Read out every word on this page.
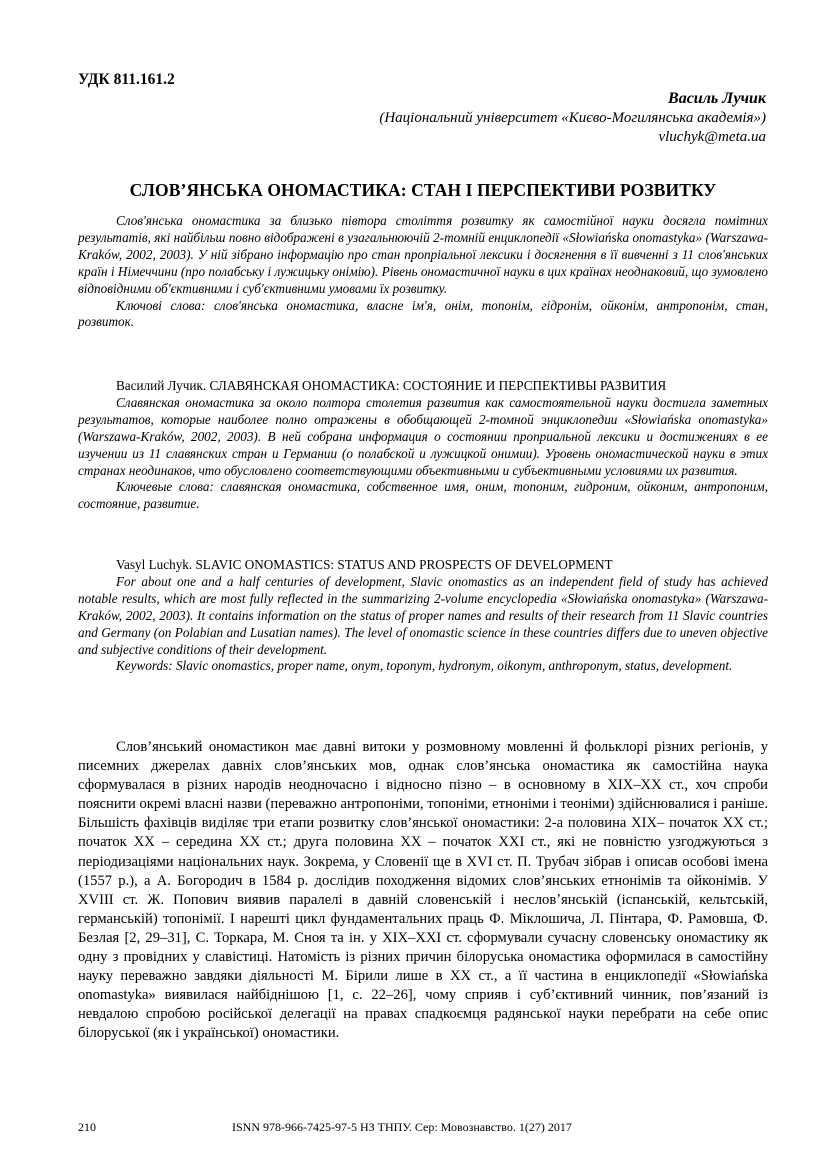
УДК 811.161.2
Василь Лучик
(Національний університет «Києво-Могилянська академія»)
vluchyk@meta.ua
СЛОВ’ЯНСЬКА ОНОМАСТИКА: СТАН І ПЕРСПЕКТИВИ РОЗВИТКУ

Слов'янська ономастика за близько півтора століття розвитку як самостійної науки досягла помітних результатів, які найбільш повно відображені в узагальнюючій 2-томній енциклопедії «Słowiańska onomastyka» (Warszawa-Kraków, 2002, 2003). У ній зібрано інформацію про стан пропріальної лексики і досягнення в її вивченні з 11 слов'янських країн і Німеччини (про полабську і лужицьку онімію). Рівень ономастичної науки в цих країнах неоднаковий, що зумовлено відповідними об'єктивними і суб'єктивними умовами їх розвитку.

Ключові слова: слов'янська ономастика, власне ім'я, онім, топонім, гідронім, ойконім, антропонім, стан, розвиток.

Василий Лучик. СЛАВЯНСКАЯ ОНОМАСТИКА: СОСТОЯНИЕ И ПЕРСПЕКТИВЫ РАЗВИТИЯ

Славянская ономастика за около полтора столетия развития как самостоятельной науки достигла заметных результатов, которые наиболее полно отражены в обобщающей 2-томной энциклопедии «Słowiańska onomastyka» (Warszawa-Kraków, 2002, 2003). В ней собрана информация о состоянии проприальной лексики и достижениях в ее изучении из 11 славянских стран и Германии (о полабской и лужицкой онимии). Уровень ономастической науки в этих странах неодинаков, что обусловлено соответствующими объективными и субъективными условиями их развития.

Ключевые слова: славянская ономастика, собственное имя, оним, топоним, гидроним, ойконим, антропоним, состояние, развитие.

Vasyl Luchyk. SLAVIC ONOMASTICS: STATUS AND PROSPECTS OF DEVELOPMENT

For about one and a half centuries of development, Slavic onomastics as an independent field of study has achieved notable results, which are most fully reflected in the summarizing 2-volume encyclopedia «Słowiańska onomastyka» (Warszawa-Kraków, 2002, 2003). It contains information on the status of proper names and results of their research from 11 Slavic countries and Germany (on Polabian and Lusatian names). The level of onomastic science in these countries differs due to uneven objective and subjective conditions of their development.

Keywords: Slavic onomastics, proper name, onym, toponym, hydronym, oikonym, anthroponym, status, development.

Слов’янський ономастикон має давні витоки у розмовному мовленні й фольклорі різних регіонів, у писемних джерелах давніх слов’янських мов, однак слов’янська ономастика як самостійна наука сформувалася в різних народів неодночасно і відносно пізно – в основному в XIX–XX ст., хоч спроби пояснити окремі власні назви (переважно антропоніми, топоніми, етноніми і теоніми) здійснювалися і раніше. Більшість фахівців виділяє три етапи розвитку слов’янської ономастики: 2-а половина XIX– початок XX ст.; початок XX – середина XX ст.; друга половина XX – початок XXI ст., які не повністю узгоджуються з періодизаціями національних наук. Зокрема, у Словенії ще в XVI ст. П. Трубач зібрав і описав особові імена (1557 р.), а А. Богородич в 1584 р. дослідив походження відомих слов’янських етнонімів та ойконімів. У XVIII ст. Ж. Попович виявив паралелі в давній словенській і несловʼянській (іспанській, кельтській, германській) топонімії. І нарешті цикл фундаментальних праць Ф. Міклошича, Л. Пінтара, Ф. Рамовша, Ф. Безлая [2, 29–31], С. Торкара, М. Сноя та ін. у XIX–XXI ст. сформували сучасну словенську ономастику як одну з провідних у славістиці. Натомість із різних причин білоруська ономастика оформилася в самостійну науку переважно завдяки діяльності М. Бірили лише в XX ст., а її частина в енциклопедії «Słowiańska onomastyka» виявилася найбіднішою [1, с. 22–26], чому сприяв і суб’єктивний чинник, пов’язаний із невдалою спробою російської делегації на правах спадкоємця радянської науки перебрати на себе опис білоруської (як і української) ономастики.

210	ISNN 978-966-7425-97-5 НЗ ТНПУ. Сер: Мовознавство. 1(27) 2017
